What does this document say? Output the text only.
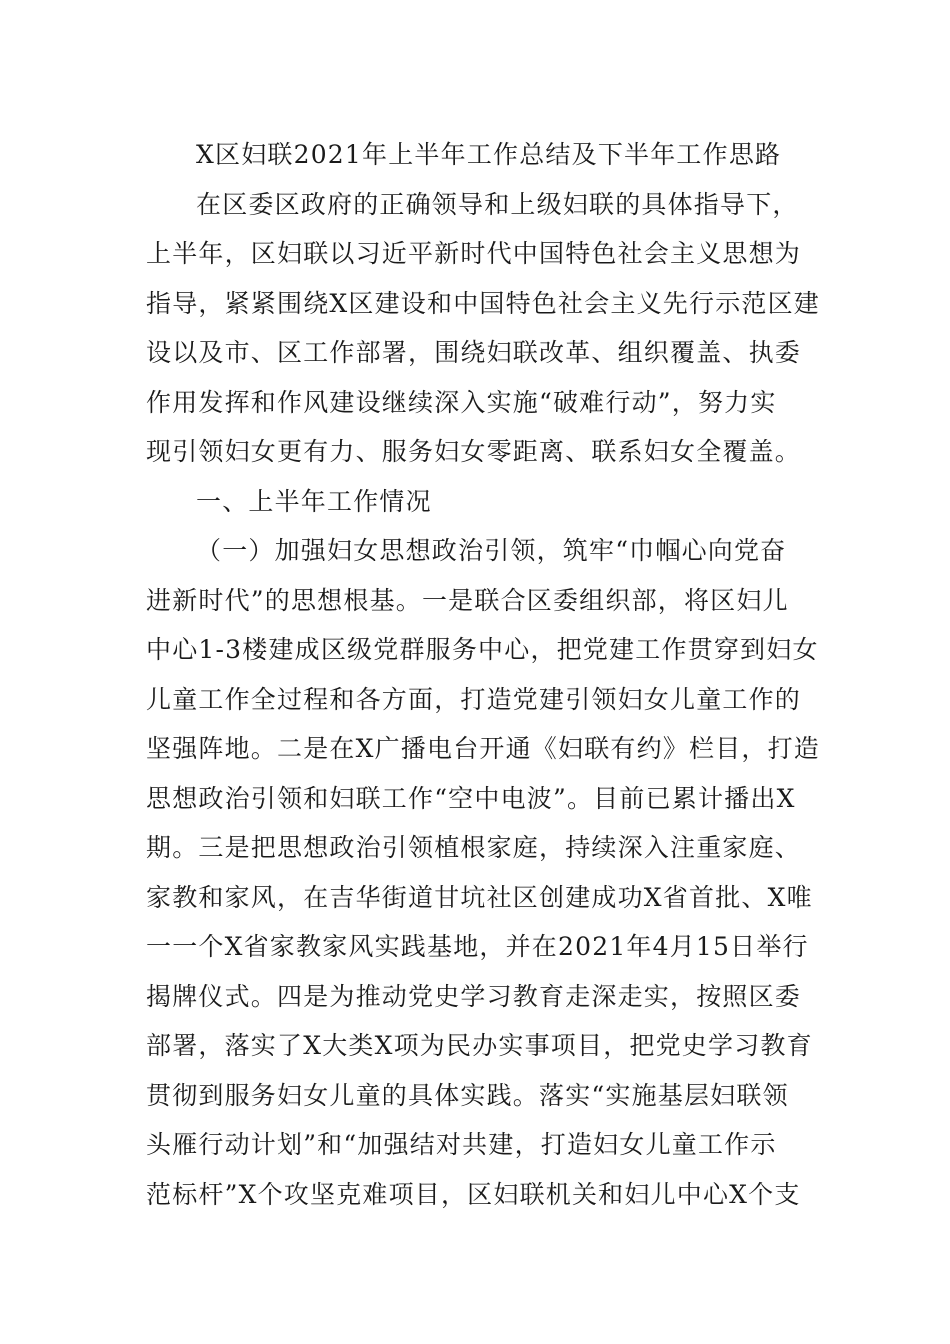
X区妇联2021年上半年工作总结及下半年工作思路
在区委区政府的正确领导和上级妇联的具体指导下，
上半年，区妇联以习近平新时代中国特色社会主义思想为
指导，紧紧围绕X区建设和中国特色社会主义先行示范区建
设以及市、区工作部署，围绕妇联改革、组织覆盖、执委
作用发挥和作风建设继续深入实施“破难行动”，努力实
现引领妇女更有力、服务妇女零距离、联系妇女全覆盖。
一、上半年工作情况
（一）加强妇女思想政治引领，筑牢“巾帼心向党奋
进新时代”的思想根基。一是联合区委组织部，将区妇儿
中心1-3楼建成区级党群服务中心，把党建工作贯穿到妇女
儿童工作全过程和各方面，打造党建引领妇女儿童工作的
坚强阵地。二是在X广播电台开通《妇联有约》栏目，打造
思想政治引领和妇联工作“空中电波”。目前已累计播出X
期。三是把思想政治引领植根家庭，持续深入注重家庭、
家教和家风，在吉华街道甘坑社区创建成功X省首批、X唯
一一个X省家教家风实践基地，并在2021年4月15日举行
揭牌仪式。四是为推动党史学习教育走深走实，按照区委
部署，落实了X大类X项为民办实事项目，把党史学习教育
贯彻到服务妇女儿童的具体实践。落实“实施基层妇联领
头雁行动计划”和“加强结对共建，打造妇女儿童工作示
范标杆”X个攻坚克难项目，区妇联机关和妇儿中心X个支
